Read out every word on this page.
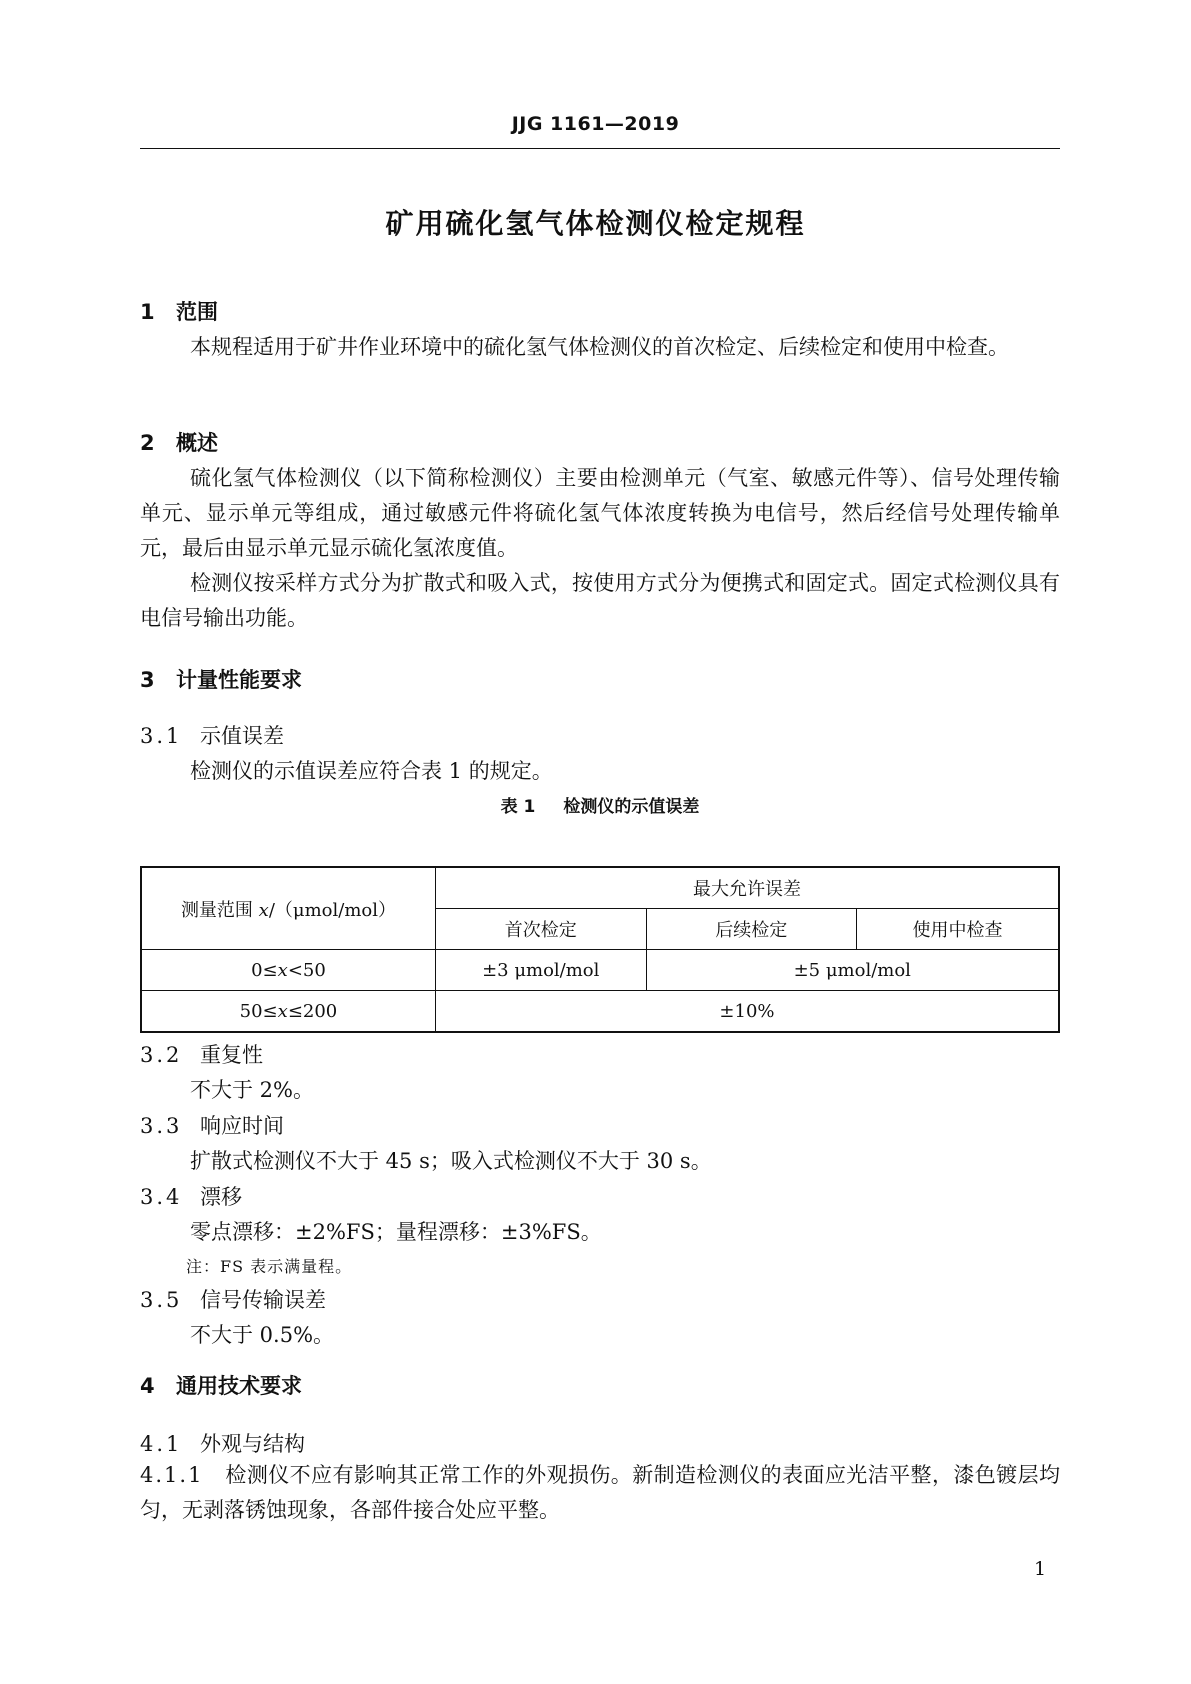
JJG 1161—2019
矿用硫化氢气体检测仪检定规程
1 范围
本规程适用于矿井作业环境中的硫化氢气体检测仪的首次检定、后续检定和使用中检查。
2 概述
硫化氢气体检测仪（以下简称检测仪）主要由检测单元（气室、敏感元件等）、信号处理传输单元、显示单元等组成，通过敏感元件将硫化氢气体浓度转换为电信号，然后经信号处理传输单元，最后由显示单元显示硫化氢浓度值。
检测仪按采样方式分为扩散式和吸入式，按使用方式分为便携式和固定式。固定式检测仪具有电信号输出功能。
3 计量性能要求
3.1 示值误差
检测仪的示值误差应符合表 1 的规定。
表 1 检测仪的示值误差
测量范围 x/（μmol/mol）	最大允许误差		
	首次检定	后续检定	使用中检查
0≤x<50	±3 μmol/mol	±5 μmol/mol	
50≤x≤200	±10%		
3.2 重复性
不大于 2%。
3.3 响应时间
扩散式检测仪不大于 45 s；吸入式检测仪不大于 30 s。
3.4 漂移
零点漂移：±2%FS；量程漂移：±3%FS。
注：FS 表示满量程。
3.5 信号传输误差
不大于 0.5%。
4 通用技术要求
4.1 外观与结构
4.1.1 检测仪不应有影响其正常工作的外观损伤。新制造检测仪的表面应光洁平整，漆色镀层均匀，无剥落锈蚀现象，各部件接合处应平整。
1
